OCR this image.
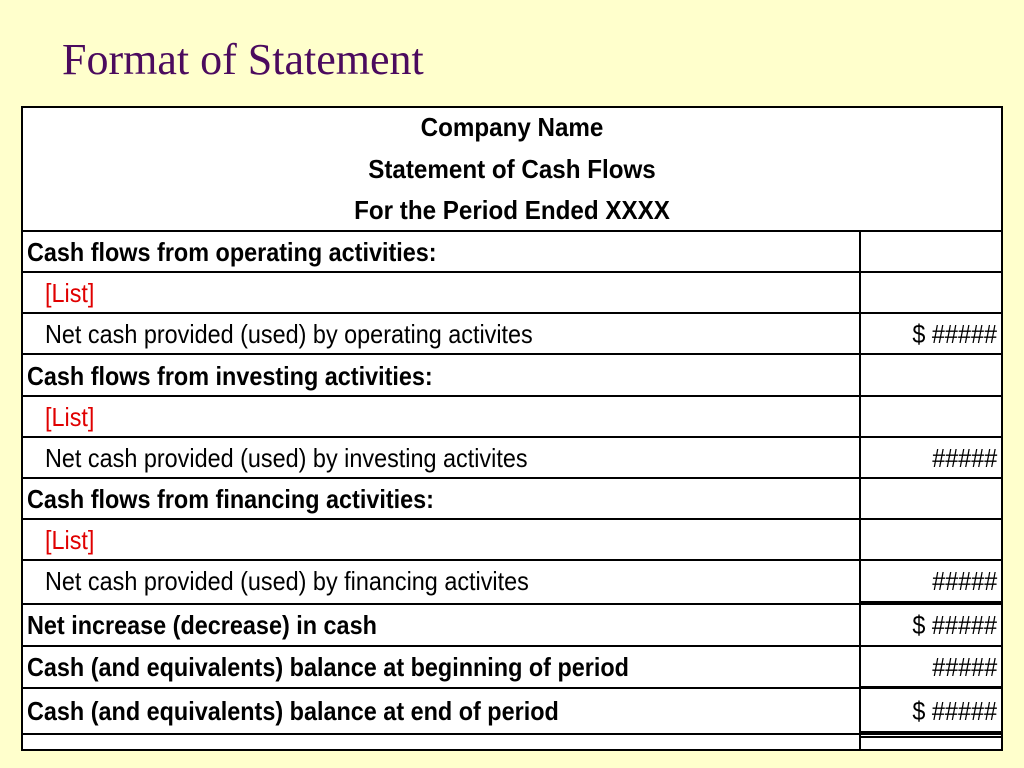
Format of Statement
Company Name
Statement of Cash Flows
For the Period Ended XXXX
Cash flows from operating activities:
[List]
Net cash provided (used) by operating activites	$ #####
Cash flows from investing activities:
[List]
Net cash provided (used) by investing activites	#####
Cash flows from financing activities:
[List]
Net cash provided (used) by financing activites	#####
Net increase (decrease) in cash	$ #####
Cash (and equivalents) balance at beginning of period	#####
Cash (and equivalents) balance at end of period	$ #####
